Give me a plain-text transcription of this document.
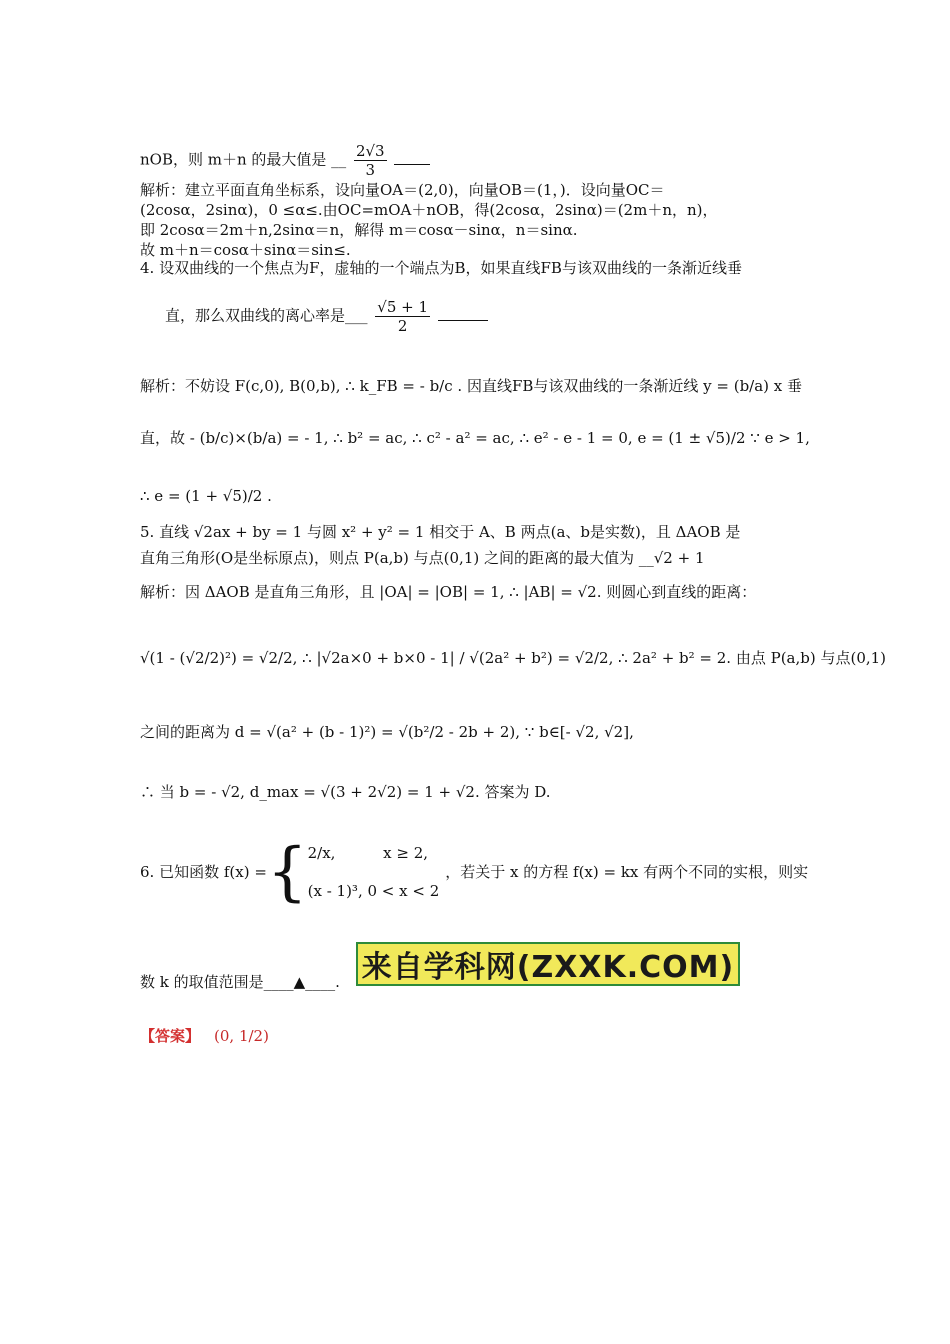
nOB，则 m＋n 的最大值是 __ $\frac{2√3}{3}$

解析：建立平面直角坐标系，设向量OA＝(2,0)，向量OB＝(1，)．设向量OC＝
(2cosα，2sinα)，0 ≤α≤.由OC=mOA＋nOB，得(2cosα，2sinα)＝(2m＋n，n)，
即 2cosα＝2m＋n,2sinα＝n，解得 m＝cosα－sinα，n＝sinα.
故 m＋n＝cosα＋sinα＝sin≤.
4. 设双曲线的一个焦点为F，虚轴的一个端点为B，如果直线FB与该双曲线的一条渐近线垂
直，那么双曲线的离心率是___ $\frac{√5 + 1}{2}$

解析：不妨设 F(c,0), B(0,b), ∴ k_FB = - b/c . 因直线FB与该双曲线的一条渐近线 y = (b/a) x 垂
直，故 - (b/c)×(b/a) = - 1, ∴ b² = ac, ∴ c² - a² = ac, ∴ e² - e - 1 = 0, e = (1 ± √5)/2 ∵ e > 1,
∴ e = (1 + √5)/2 .
5. 直线 √2ax + by = 1 与圆 x² + y² = 1 相交于 A、B 两点(a、b是实数)，且 ΔAOB 是
直角三角形(O是坐标原点)，则点 P(a,b) 与点(0,1) 之间的距离的最大值为 __√2 + 1
解析：因 ΔAOB 是直角三角形，且 |OA| = |OB| = 1, ∴ |AB| = √2. 则圆心到直线的距离：
√(1 - (√2/2)²) = √2/2, ∴ |√2a×0 + b×0 - 1| / √(2a² + b²) = √2/2, ∴ 2a² + b² = 2. 由点 P(a,b) 与点(0,1)
之间的距离为 d = √(a² + (b - 1)²) = √(b²/2 - 2b + 2), ∵ b∈[- √2, √2],
∴ 当 b = - √2, d_max = √(3 + 2√2) = 1 + √2. 答案为 D.
6. 已知函数 f(x) = { 2/x,          x ≥ 2,
(x - 1)³, 0 < x < 2
，若关于 x 的方程 f(x) = kx 有两个不同的实根，则实
数 k 的取值范围是____▲____. 来自学科网(ZXXK.COM)
【答案】 (0, 1/2)
